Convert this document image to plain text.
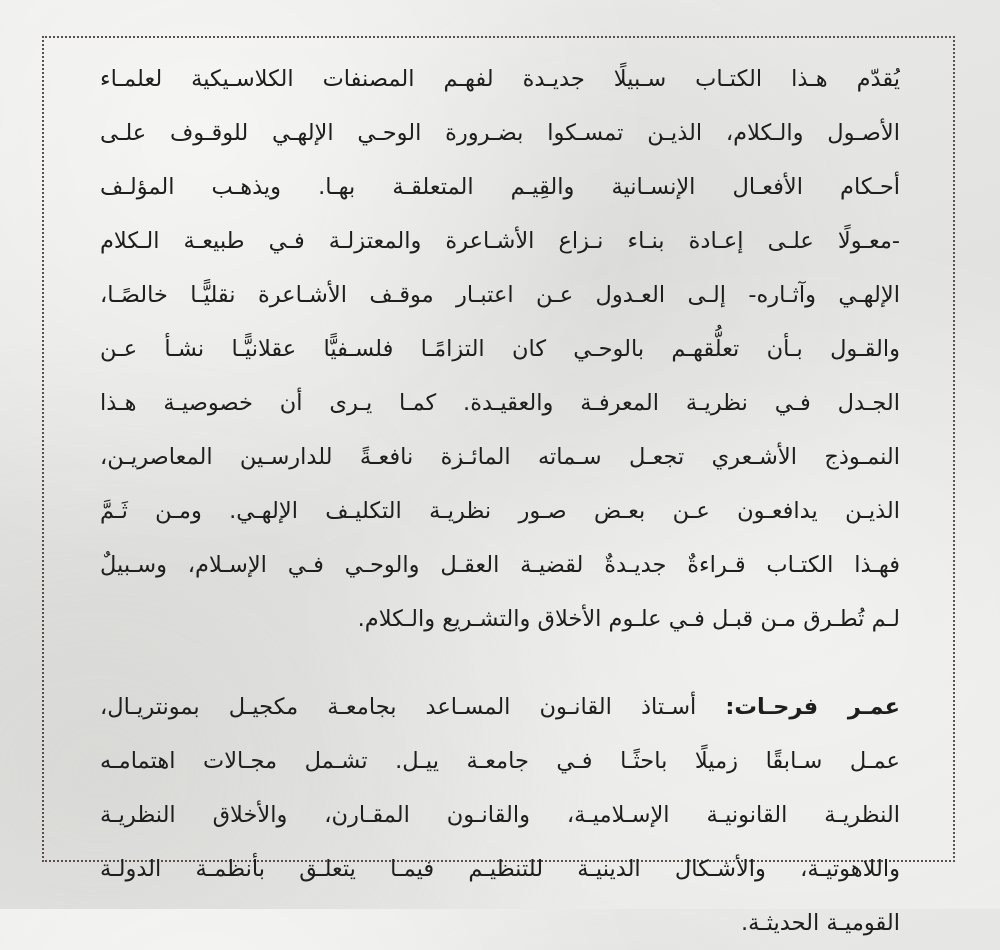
يُقدّم هـذا الكتـاب سـبيلًا جديـدة لفهـم المصنفات الكلاسـيكية لعلمـاء
الأصـول والـكلام، الذيـن تمسـكوا بضـرورة الوحـي الإلهـي للوقـوف علـى
أحـكام الأفعـال الإنسـانية والقِيـم المتعلقـة بهـا. ويذهـب المؤلـف
-معـولًا علـى إعـادة بنـاء نـزاع الأشـاعرة والمعتزلـة فـي طبيعـة الـكلام
الإلهـي وآثـاره- إلـى العـدول عـن اعتبـار موقـف الأشـاعرة نقليًّـا خالصًـا،
والقـول بـأن تعلُّقهـم بالوحـي كان التزامًـا فلسـفيًّا عقلانيًّـا نشـأ عـن
الجـدل فـي نظريـة المعرفـة والعقيـدة. كمـا يـرى أن خصوصيـة هـذا
النمـوذج الأشـعري تجعـل سـماته المائـزة نافعـةً للدارسـين المعاصريـن،
الذيـن يدافعـون عـن بعـض صـور نظريـة التكليـف الإلهـي. ومـن ثَـمَّ
فهـذا الكتـاب قـراءةٌ جديـدةٌ لقضيـة العقـل والوحـي فـي الإسـلام، وسـبيلٌ
لـم تُطـرق مـن قبـل فـي علـوم الأخلاق والتشـريع والـكلام.
عمـر فرحـات: أسـتاذ القانـون المسـاعد بجامعـة مكجيـل بمونتريـال،
عمـل سـابقًا زميلًا باحثًـا فـي جامعـة ييـل. تشـمل مجـالات اهتمامـه
النظريـة القانونيـة الإسـلاميـة، والقانـون المقـارن، والأخلاق النظريـة
واللاهوتيـة، والأشـكال الدينيـة للتنظيـم فيمـا يتعلـق بأنظمـة الدولـة
القوميـة الحديثـة.
